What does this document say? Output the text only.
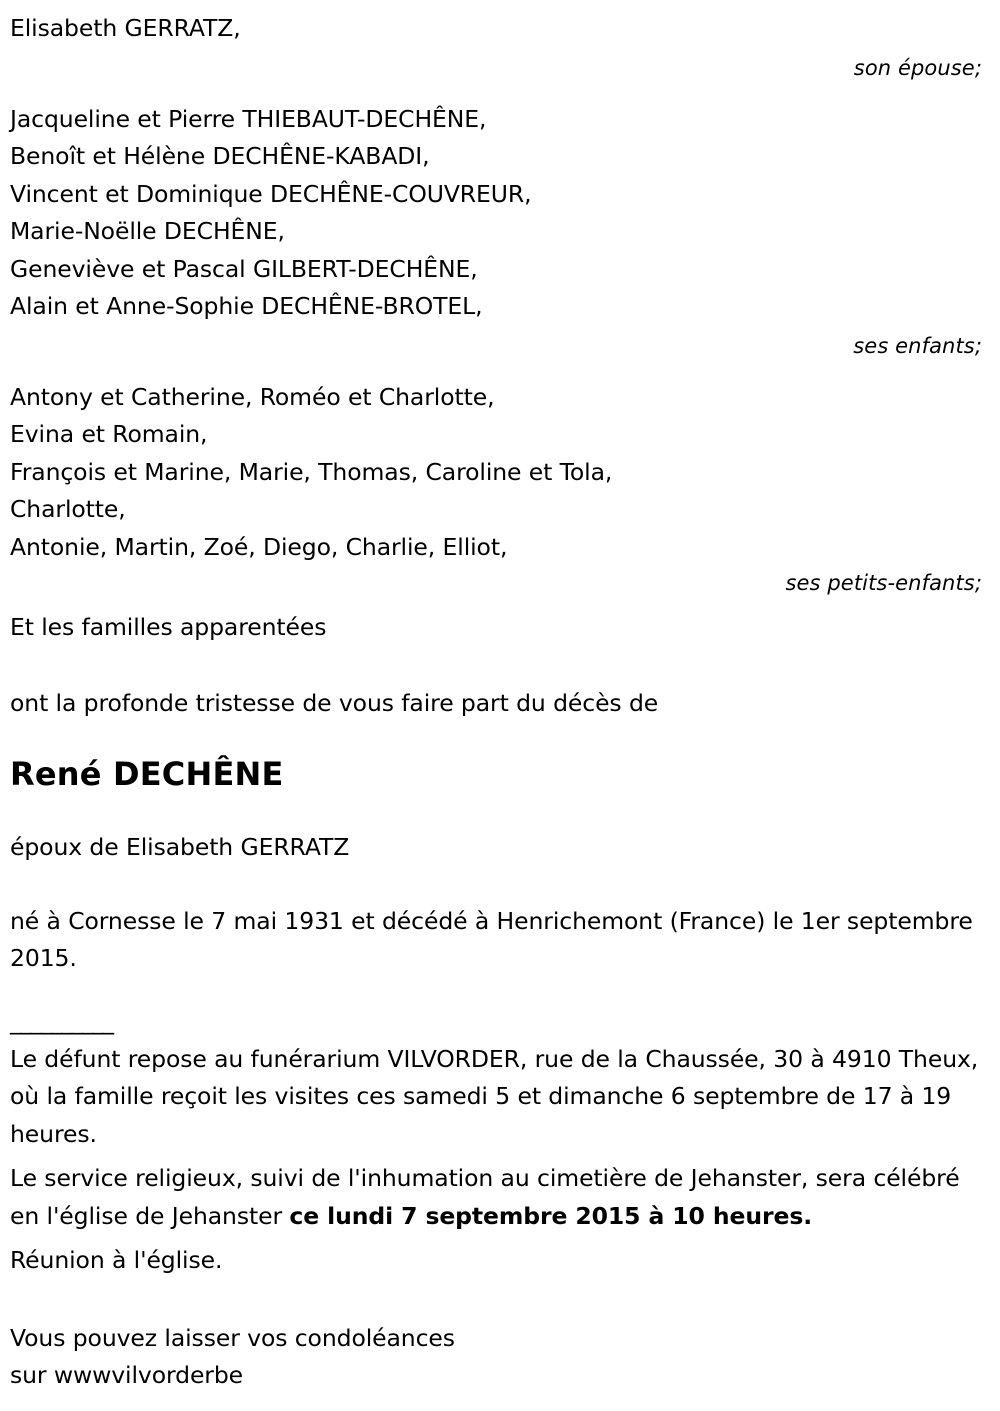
Elisabeth GERRATZ,
son épouse;
Jacqueline et Pierre THIEBAUT-DECHÊNE,
Benoît et Hélène DECHÊNE-KABADI,
Vincent et Dominique DECHÊNE-COUVREUR,
Marie-Noëlle DECHÊNE,
Geneviève et Pascal GILBERT-DECHÊNE,
Alain et Anne-Sophie DECHÊNE-BROTEL,
ses enfants;
Antony et Catherine, Roméo et Charlotte,
Evina et Romain,
François et Marine, Marie, Thomas, Caroline et Tola,
Charlotte,
Antonie, Martin, Zoé, Diego, Charlie, Elliot,
ses petits-enfants;
Et les familles apparentées
ont la profonde tristesse de vous faire part du décès de
René DECHÊNE
époux de Elisabeth GERRATZ
né à Cornesse le 7 mai 1931 et décédé à Henrichemont (France) le 1er septembre 2015.
__________
Le défunt repose au funérarium VILVORDER, rue de la Chaussée, 30 à 4910 Theux, où la famille reçoit les visites ces samedi 5 et dimanche 6 septembre de 17 à 19 heures.
Le service religieux, suivi de l'inhumation au cimetière de Jehanster, sera célébré en l'église de Jehanster ce lundi 7 septembre 2015 à 10 heures.
Réunion à l'église.
Vous pouvez laisser vos condoléances
sur wwwvilvorderbe
